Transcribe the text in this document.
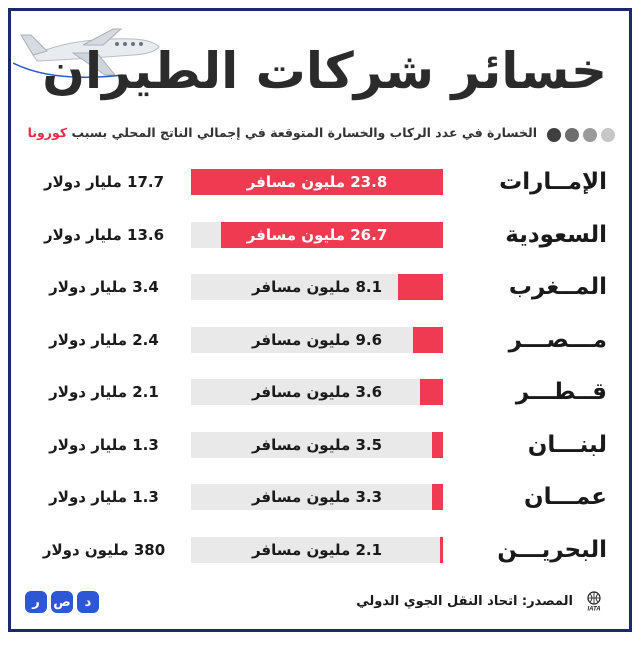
خسائر شركات الطيران

الخسارة في عدد الركاب والخسارة المتوقعة في إجمالي الناتج المحلي بسبب كورونا

الإمــارات
23.8 مليون مسافر
17.7 مليار دولار
السعودية
26.7 مليون مسافر
13.6 مليار دولار
المــغرب
8.1 مليون مسافر
3.4 مليار دولار
مـــصـــر
9.6 مليون مسافر
2.4 مليار دولار
قــطـــر
3.6 مليون مسافر
2.1 مليار دولار
لبنـــان
3.5 مليون مسافر
1.3 مليار دولار
عمـــان
3.3 مليون مسافر
1.3 مليار دولار
البحريـــن
2.1 مليون مسافر
380 مليون دولار
ر	ص	د	IATA
المصدر: اتحاد النقل الجوي الدولي
